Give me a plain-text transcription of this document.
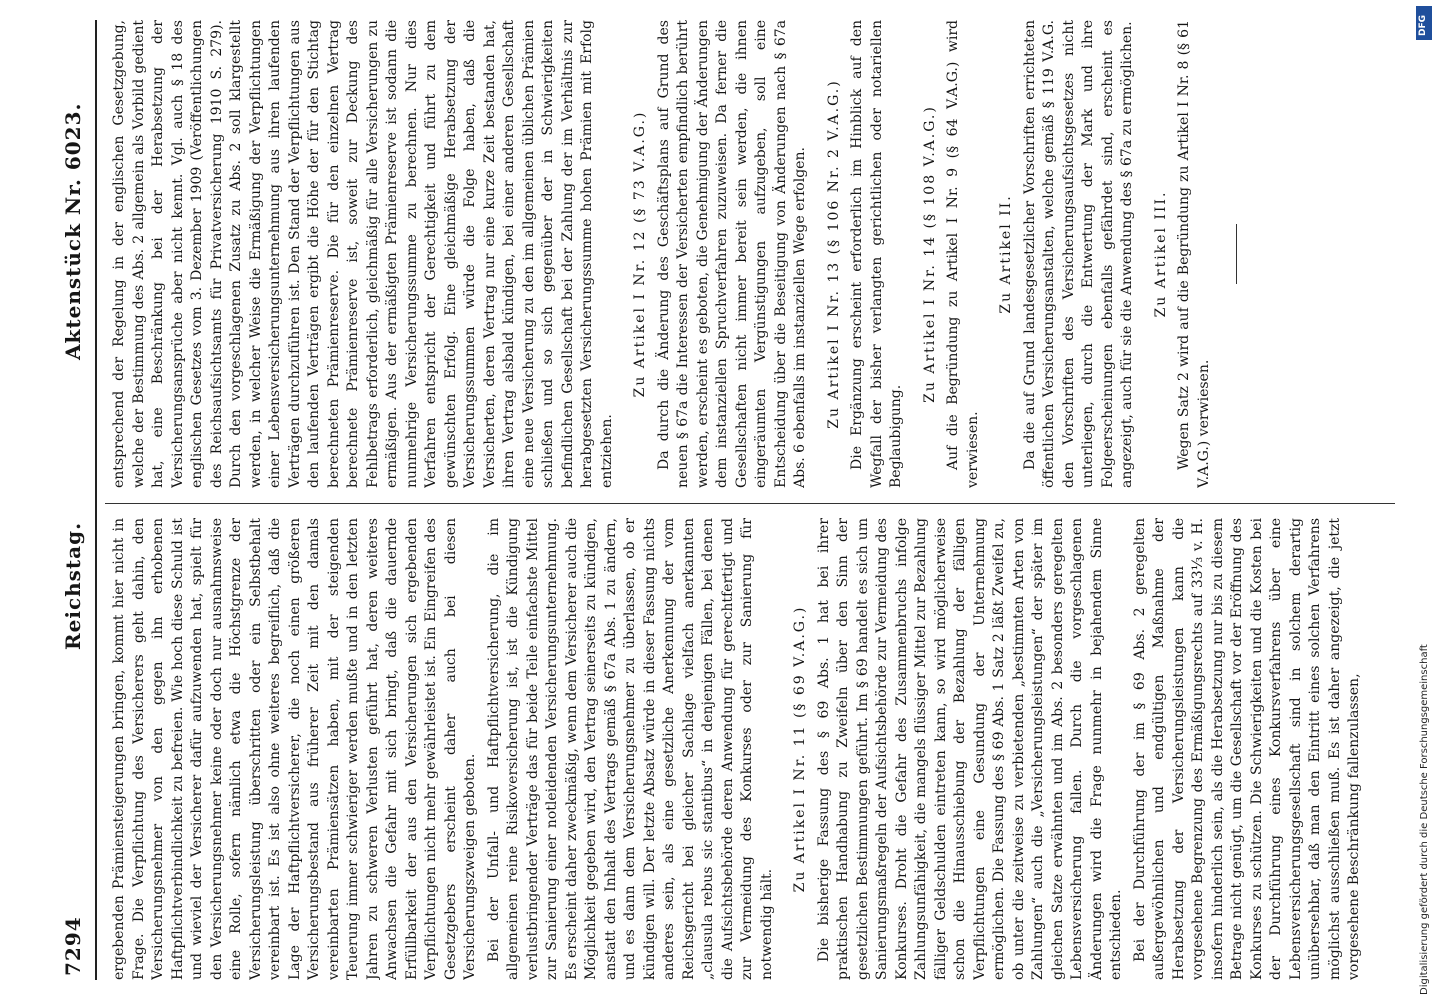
7294
Reichstag.
Aktenstück Nr. 6023.

ergebenden Prämiensteigerungen bringen, kommt hier nicht in Frage. Die Verpflichtung des Versicherers geht dahin, den Versicherungsnehmer von den gegen ihn erhobenen Haftpflichtverbindlichkeit zu befreien. Wie hoch diese Schuld ist und wieviel der Versicherer dafür aufzuwenden hat, spielt für den Versicherungsnehmer keine oder doch nur ausnahmsweise eine Rolle, sofern nämlich etwa die Höchstgrenze der Versicherungsleistung überschritten oder ein Selbstbehalt vereinbart ist. Es ist also ohne weiteres begreiflich, daß die Lage der Haftpflichtversicherer, die noch einen größeren Versicherungsbestand aus früherer Zeit mit den damals vereinbarten Prämiensätzen haben, mit der steigenden Teuerung immer schwieriger werden mußte und in den letzten Jahren zu schweren Verlusten geführt hat, deren weiteres Anwachsen die Gefahr mit sich bringt, daß die dauernde Erfüllbarkeit der aus den Versicherungen sich ergebenden Verpflichtungen nicht mehr gewährleistet ist. Ein Eingreifen des Gesetzgebers erscheint daher auch bei diesen Versicherungszweigen geboten. Bei der Unfall- und Haftpflichtversicherung, die im allgemeinen reine Risikoversicherung ist, ist die Kündigung verlustbringender Verträge das für beide Teile einfachste Mittel zur Sanierung einer notleidenden Versicherungsunternehmung. Es erscheint daher zweckmäßig, wenn dem Versicherer auch die Möglichkeit gegeben wird, den Vertrag seinerseits zu kündigen, anstatt den Inhalt des Vertrags gemäß § 67a Abs. 1 zu ändern, und es dann dem Versicherungsnehmer zu überlassen, ob er kündigen will. Der letzte Absatz würde in dieser Fassung nichts anderes sein, als eine gesetzliche Anerkennung der vom Reichsgericht bei gleicher Sachlage vielfach anerkannten „clausula rebus sic stantibus“ in denjenigen Fällen, bei denen die Aufsichtsbehörde deren Anwendung für gerechtfertigt und zur Vermeidung des Konkurses oder zur Sanierung für notwendig hält.

Zu Artikel I Nr. 11 (§ 69 V.A.G.) Die bisherige Fassung des § 69 Abs. 1 hat bei ihrer praktischen Handhabung zu Zweifeln über den Sinn der gesetzlichen Bestimmungen geführt. Im § 69 handelt es sich um Sanierungsmaßregeln der Aufsichtsbehörde zur Vermeidung des Konkurses. Droht die Gefahr des Zusammenbruchs infolge Zahlungsunfähigkeit, die mangels flüssiger Mittel zur Bezahlung fälliger Geldschulden eintreten kann, so wird möglicherweise schon die Hinausschiebung der Bezahlung der fälligen Verpflichtungen eine Gesundung der Unternehmung ermöglichen. Die Fassung des § 69 Abs. 1 Satz 2 läßt Zweifel zu, ob unter die zeitweise zu verbietenden „bestimmten Arten von Zahlungen“ auch die „Versicherungsleistungen“ der später im gleichen Satze erwähnten und im Abs. 2 besonders geregelten Lebensversicherung fallen. Durch die vorgeschlagenen Änderungen wird die Frage nunmehr in bejahendem Sinne entschieden. Bei der Durchführung der im § 69 Abs. 2 geregelten außergewöhnlichen und endgültigen Maßnahme der Herabsetzung der Versicherungsleistungen kann die vorgesehene Begrenzung des Ermäßigungsrechts auf 33⅓ v. H. insofern hinderlich sein, als die Herabsetzung nur bis zu diesem Betrage nicht genügt, um die Gesellschaft vor der Eröffnung des Konkurses zu schützen. Die Schwierigkeiten und die Kosten bei der Durchführung eines Konkursverfahrens über eine Lebensversicherungsgesellschaft sind in solchem derartig unübersehbar, daß man den Eintritt eines solchen Verfahrens möglichst ausschließen muß. Es ist daher angezeigt, die jetzt vorgesehene Beschränkung fallenzulassen,

entsprechend der Regelung in der englischen Gesetzgebung, welche der Bestimmung des Abs. 2 allgemein als Vorbild gedient hat, eine Beschränkung bei der Herabsetzung der Versicherungsansprüche aber nicht kennt. Vgl. auch § 18 des englischen Gesetzes vom 3. Dezember 1909 (Veröffentlichungen des Reichsaufsichtsamts für Privatversicherung 1910 S. 279). Durch den vorgeschlagenen Zusatz zu Abs. 2 soll klargestellt werden, in welcher Weise die Ermäßigung der Verpflichtungen einer Lebensversicherungsunternehmung aus ihren laufenden Verträgen durchzuführen ist. Den Stand der Verpflichtungen aus den laufenden Verträgen ergibt die Höhe der für den Stichtag berechneten Prämienreserve. Die für den einzelnen Vertrag berechnete Prämienreserve ist, soweit zur Deckung des Fehlbetrags erforderlich, gleichmäßig für alle Versicherungen zu ermäßigen. Aus der ermäßigten Prämienreserve ist sodann die nunmehrige Versicherungssumme zu berechnen. Nur dies Verfahren entspricht der Gerechtigkeit und führt zu dem gewünschten Erfolg. Eine gleichmäßige Herabsetzung der Versicherungssummen würde die Folge haben, daß die Versicherten, deren Vertrag nur eine kurze Zeit bestanden hat, ihren Vertrag alsbald kündigen, bei einer anderen Gesellschaft eine neue Versicherung zu den im allgemeinen üblichen Prämien schließen und so sich gegenüber der in Schwierigkeiten befindlichen Gesellschaft bei der Zahlung der im Verhältnis zur herabgesetzten Versicherungssumme hohen Prämien mit Erfolg entziehen.

Zu Artikel I Nr. 12 (§ 73 V.A.G.) Da durch die Änderung des Geschäftsplans auf Grund des neuen § 67a die Interessen der Versicherten empfindlich berührt werden, erscheint es geboten, die Genehmigung der Änderungen dem instanziellen Spruchverfahren zuzuweisen. Da ferner die Gesellschaften nicht immer bereit sein werden, die ihnen eingeräumten Vergünstigungen aufzugeben, soll eine Entscheidung über die Beseitigung von Änderungen nach § 67a Abs. 6 ebenfalls im instanziellen Wege erfolgen. Zu Artikel I Nr. 13 (§ 106 Nr. 2 V.A.G.) Die Ergänzung erscheint erforderlich im Hinblick auf den Wegfall der bisher verlangten gerichtlichen oder notariellen Beglaubigung.

Zu Artikel I Nr. 14 (§ 108 V.A.G.) Auf die Begründung zu Artikel I Nr. 9 (§ 64 V.A.G.) wird verwiesen.

Zu Artikel II. Da die auf Grund landesgesetzlicher Vorschriften errichteten öffentlichen Versicherungsanstalten, welche gemäß § 119 V.A.G. den Vorschriften des Versicherungsaufsichtsgesetzes nicht unterliegen, durch die Entwertung der Mark und ihre Folgeerscheinungen ebenfalls gefährdet sind, erscheint es angezeigt, auch für sie die Anwendung des § 67a zu ermöglichen. Zu Artikel III. Wegen Satz 2 wird auf die Begründung zu Artikel I Nr. 8 (§ 61 V.A.G.) verwiesen.

DFG
Digitalisierung gefördert durch die Deutsche Forschungsgemeinschaft
